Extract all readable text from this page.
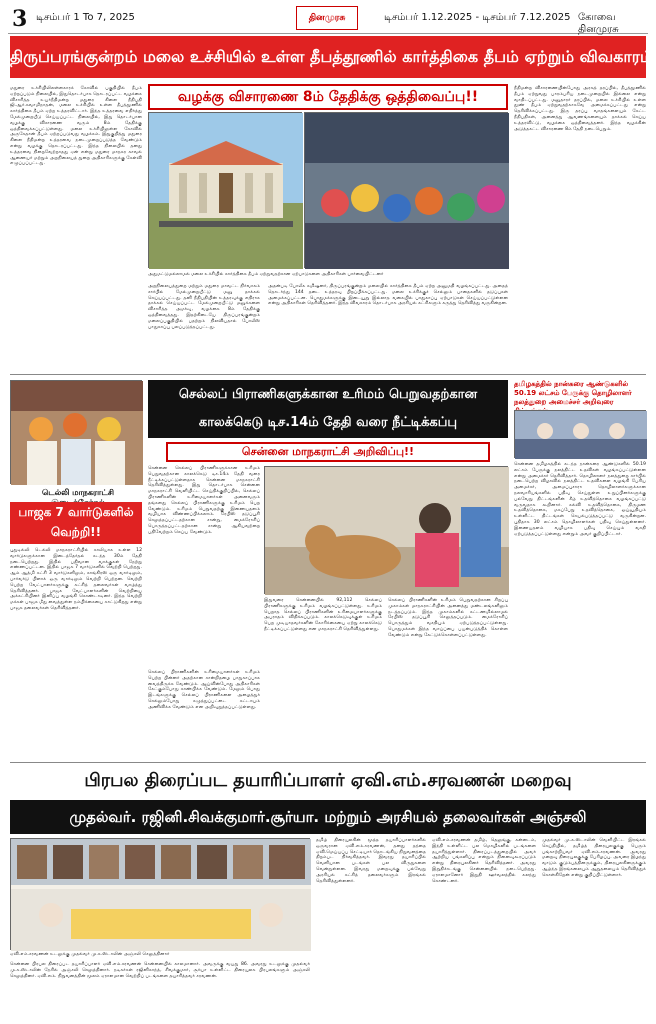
3 டிசம்பர் 1 To 7, 2025	தினமுரசு	டிசம்பர் 1.12.2025 - டிசம்பர் 7.12.2025 கோவை தினமுரசு
திருப்பரங்குன்றம் மலை உச்சியில் உள்ள தீபத்தூணில் கார்த்திகை தீபம் ஏற்றும் விவகாரம்
வழக்கு விசாரணை 8ம் தேதிக்கு ஒத்திவைப்பு!!
மதுரை உச்சியிலிலள்ளகாரக் கோவில் பகுதியில் தீபம் ஏற்றப்படும் நிலையில், இதுதொடர்பாக தொடரப்பட்ட வழக்கை விசாரித்த உயர்நீதிமன்ற மதுரை கிளை நீதிபதி ஜி.ஆர்.சுவாமிநாதன், மலை உச்சியில் உள்ள தீபத்தூணில் கார்த்திகை தீபம் ஏற்ற உத்தரவிட்டார். இந்த உத்தரவை எதிர்த்து மேல்முறையீடு செய்யப்பட்ட நிலையில், இது தொடர்பான வழக்கு விசாரணை வரும் 8ம் தேதிக்கு ஒத்திவைக்கப்பட்டுள்ளது. மலை உச்சியிலுள்ள கோவில் அருகேதான் தீபம் ஏற்றப்படுவது வழக்கம். இதுகுறித்து மதுரை கிளை நீதிமன்ற உத்தரவை நடைமுறைப்படுத்த வேண்டும் என்று வழக்கு தொடரப்பட்டது. இந்த நிலையில் தனது உத்தரவை நிறைவேற்றாதது ஏன் என்று மதுரை மாநகர காவல் ஆணையர் மற்றும் அறநிலையத் துறை அதிகாரிகளுக்கு கேள்வி எழுப்பப்பட்டது.
அதுமட்டுமல்லாமல் மலை உச்சியில் கார்த்திகை தீபம் ஏற்றுவதற்கான ஏற்பாடுகளை அதிகாரிகள் பார்வையிட்டனர்
அறநிலையத்துறை மற்றும் மதுரை மாவட்ட நிர்வாகம் சார்பில் மேல்முறையீட்டு மனு தாக்கல் செய்யப்பட்டது. தனி நீதிபதியின் உத்தரவுக்கு எதிராக தாக்கல் செய்யப்பட்ட மேல்முறையீட்டு மனுக்களை விசாரித்த அமர்வு, வழக்கை 8ம் தேதிக்கு ஒத்திவைத்தது. இதற்கிடையே திருப்பரங்குன்றம் மலைப்பகுதியில் பதற்றம் நிலவியதால் போலீஸ் பாதுகாப்பு பலப்படுத்தப்பட்டது.
அதன்படி போலீசு கமிஷனர், திருப்பரங்குன்றம் மலையில் கார்த்திகை தீபம் ஏற்ற அனுமதி வழங்கப்பட்டது. அதைத் தொடர்ந்து 144 தடை உத்தரவு பிறப்பிக்கப்பட்டது. மலை உச்சிக்குச் செல்லும் பாதைகளில் தடுப்புகள் அமைக்கப்பட்டன. பொதுமக்களுக்கு இடையூறு இல்லாத வகையில் பாதுகாப்பு ஏற்பாடுகள் செய்யப்பட்டுள்ளன என்று அதிகாரிகள் தெரிவித்தனர். இந்த விவகாரம் தொடர்பாக அரசியல் கட்சிகளும் கருத்து தெரிவித்து வருகின்றன.
நீதிமன்ற விசாரணையின்போது அரசுத் தரப்பில், தீபத்தூணில் தீபம் ஏற்றுவது பாரம்பரிய நடைமுறையில் இல்லை என்று வாதிடப்பட்டது. மனுதாரர் தரப்பில், மலை உச்சியில் உள்ள தூண் தீபம் ஏற்றுவதற்காகவே அமைக்கப்பட்டது என்று தெரிவிக்கப்பட்டது. இரு தரப்பு வாதங்களையும் கேட்ட நீதிபதிகள், அனைத்து ஆவணங்களையும் தாக்கல் செய்ய உத்தரவிட்டு, வழக்கை ஒத்திவைத்தனர். இந்த வழக்கின் அடுத்தகட்ட விசாரணை 8ம் தேதி நடைபெறும்.
டெல்லி மாநகராட்சி
பாஜக 7 வார்டுகளில் வெற்றி!!
புதுடில்லி டெல்லி மாநகராட்சியில் காலியாக உள்ள 12 வார்டுகளுக்கான இடைத்தேர்தல் கடந்த 30ம் தேதி நடைபெற்றது. இதில் பதிவான வாக்குகள் நேற்று எண்ணப்பட்டன. இதில் பாஜக 7 வார்டுகளில் வெற்றி பெற்றது. ஆம் ஆத்மி கட்சி 3 வார்டுகளிலும், காங்கிரஸ் ஒரு வார்டிலும், பார்வர்டு பிளாக் ஒரு வார்டிலும் வெற்றி பெற்றன. வெற்றி பெற்ற வேட்பாளர்களுக்கு கட்சித் தலைவர்கள் வாழ்த்து தெரிவித்தனர். பாஜக வேட்பாளர்களின் வெற்றியை அக்கட்சியினர் இனிப்பு வழங்கி கொண்டாடினர். இந்த வெற்றி மக்கள் பாஜக மீது வைத்துள்ள நம்பிக்கையை காட்டுகிறது என்று பாஜக தலைவர்கள் தெரிவித்தனர்.
செல்லப் பிராணிகளுக்கான உரிமம் பெறுவதற்கான காலக்கெடு டிச.14ம் தேதி வரை நீட்டிக்கப்பு
சென்னை மாநகராட்சி அறிவிப்பு!!
சென்னை செல்லப் பிராணிகளுக்கான உரிமம் பெறுவதற்கான காலக்கெடு டிச.14ம் தேதி வரை நீட்டிக்கப்பட்டுள்ளதாக சென்னை மாநகராட்சி தெரிவித்துள்ளது. இது தொடர்பாக சென்னை மாநகராட்சி வெளியிட்ட செய்திக்குறிப்பில், செல்லப் பிராணிகளின் உரிமையாளர்கள் அனைவரும் தங்களது செல்லப் பிராணிகளுக்கு உரிமம் பெற வேண்டும். உரிமம் பெறுவதற்கு இணையதளம் வழியாக விண்ணப்பிக்கலாம். ரேபிஸ் தடுப்பூசி செலுத்தப்பட்டதற்கான சான்று, மைக்ரோசிப் பொருத்தப்பட்டதற்கான சான்று ஆகியவற்றை பதிவேற்றம் செய்ய வேண்டும்.
இதுவரை சென்னையில் 92,112 செல்லப் பிராணிகளுக்கு உரிமம் வழங்கப்பட்டுள்ளது. உரிமம் பெறாத செல்லப் பிராணிகளின் உரிமையாளர்களுக்கு அபராதம் விதிக்கப்படும். காலக்கெடுவுக்குள் உரிமம் பெற முடியாதவர்களின் கோரிக்கையை ஏற்று காலக்கெடு நீட்டிக்கப்பட்டுள்ளது என மாநகராட்சி தெரிவித்துள்ளது.
செல்லப் பிராணிகளின் உரிமம் பெறுவதற்கான சிறப்பு முகாம்கள் மாநகராட்சியின் அனைத்து மண்டலங்களிலும் நடத்தப்படும். இந்த முகாம்களில் கட்டணமில்லாமல் ரேபிஸ் தடுப்பூசி செலுத்தப்படும். மைக்ரோசிப் பொருத்தும் வசதியும் ஏற்படுத்தப்பட்டுள்ளது. பொதுமக்கள் இந்த வாய்ப்பை பயன்படுத்திக் கொள்ள வேண்டும் என்று கேட்டுக்கொள்ளப்பட்டுள்ளது.
செல்லப் பிராணிகளின் உரிமையாளர்கள் உரிமம் பெற்ற பின்னர் அதற்கான சான்றிதழை பாதுகாப்பாக வைத்திருக்க வேண்டும். ஆய்வின்போது அதிகாரிகள் கேட்கும்போது காண்பிக்க வேண்டும். மேலும் பொது இடங்களுக்கு செல்லப் பிராணிகளை அழைத்துச் செல்லும்போது கழுத்துப்பட்டை கட்டாயம் அணிவிக்க வேண்டும் என அறிவுறுத்தப்பட்டுள்ளது.
தமிழகத்தில் நான்கரை ஆண்டுகளில் 50.19 லட்சம் பேருக்கு தொழிலாளர் நலத்துறை அமைச்சர் அறிவுரை
சென்னை தமிழகத்தில் கடந்த நான்கரை ஆண்டுகளில் 50.19 லட்சம் பேருக்கு நலத்திட்ட உதவிகள் வழங்கப்பட்டுள்ளன என்று அமைச்சர் தெரிவித்தார். தொழிலாளர் நலத்துறை சார்பில் நடைபெற்ற விழாவில் நலத்திட்ட உதவிகளை வழங்கி பேசிய அமைச்சர், அமைப்புசாரா தொழிலாளர்களுக்கான நலவாரியங்களில் பதிவு செய்துள்ள உறுப்பினர்களுக்கு பல்வேறு திட்டங்களின் கீழ் உதவித்தொகை வழங்கப்பட்டு வருவதாக கூறினார். கல்வி உதவித்தொகை, திருமண உதவித்தொகை, மகப்பேறு உதவித்தொகை, ஓய்வூதியம் உள்ளிட்ட திட்டங்கள் செயல்படுத்தப்பட்டு வருகின்றன. புதிதாக 30 லட்சம் தொழிலாளர்கள் பதிவு செய்துள்ளனர். இணையதளம் வழியாக பதிவு செய்யும் வசதி ஏற்படுத்தப்பட்டுள்ளது என்றும் அவர் குறிப்பிட்டார்.
பிரபல திரைப்பட தயாரிப்பாளர் ஏவி.எம்.சரவணன் மறைவு
முதல்வர். ரஜினி.சிவக்குமார்.சூர்யா. மற்றும் அரசியல் தலைவர்கள் அஞ்சலி
ஏவி.எம்.சரவணன் உடலுக்கு முதல்வர் மு.க.ஸ்டாலின் அஞ்சலி செலுத்தினார்
சென்னை பிரபல திரைப்பட தயாரிப்பாளர் ஏவி.எம்.சரவணன் சென்னையில் காலமானார். அவருக்கு வயது 86. அவரது உடலுக்கு முதல்வர் மு.க.ஸ்டாலின் நேரில் அஞ்சலி செலுத்தினார். நடிகர்கள் ரஜினிகாந்த், சிவக்குமார், சூர்யா உள்ளிட்ட திரையுலக பிரபலங்களும் அஞ்சலி செலுத்தினர். ஏவி.எம். நிறுவனத்தின் மூலம் ஏராளமான வெற்றிப் படங்களை தயாரித்தவர் சரவணன்.
தமிழ் திரையுலகின் மூத்த தயாரிப்பாளர்களில் ஒருவரான ஏவி.எம்.சரவணன், தனது தந்தை ஏவி.மெய்யப்ப செட்டியார் தொடங்கிய நிறுவனத்தை திறம்பட நிர்வகித்தவர். இவரது தயாரிப்பில் வெளியான படங்கள் பல விருதுகளை வென்றுள்ளன. இவரது மறைவுக்கு பல்வேறு அரசியல் கட்சித் தலைவர்களும் இரங்கல் தெரிவித்துள்ளனர்.
ஏவி.எம்.சரவணன் தமிழ், தெலுங்கு, கன்னடம், இந்தி உள்ளிட்ட பல மொழிகளில் படங்களை தயாரித்துள்ளார். திரைப்படத்துறையில் அவர் ஆற்றிய பங்களிப்பு என்றும் நினைவுகூரப்படும் என்று திரையுலகினர் தெரிவித்தனர். அவரது இறுதிச்சடங்கு சென்னையில் நடைபெற்றது. ஏராளமானோர் இறுதி ஊர்வலத்தில் கலந்து கொண்டனர்.
முதல்வர் மு.க.ஸ்டாலின் வெளியிட்ட இரங்கல் செய்தியில், தமிழ்த் திரையுலகுக்கு பெரும் பங்காற்றியவர் ஏவி.எம்.சரவணன். அவரது மறைவு திரையுலகுக்கு பேரிழப்பு. அவரை இழந்து வாடும் குடும்பத்தினருக்கும், திரையுலகினருக்கும் ஆழ்ந்த இரங்கலையும் ஆறுதலையும் தெரிவித்துக் கொள்கிறேன் என்று குறிப்பிட்டுள்ளார்.
